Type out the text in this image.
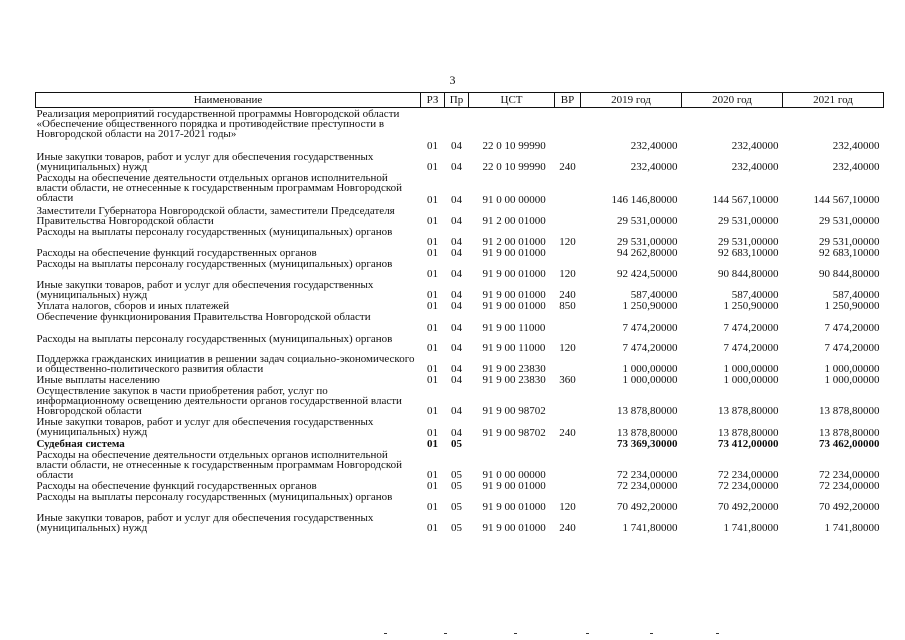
3
Наименование	РЗ	Пр	ЦСТ	ВР	2019 год	2020 год	2021 год
Реализация мероприятий государственной программы Новгородской области «Обеспечение общественного порядка и противодействие преступности в Новгородской области на 2017-2021 годы»	01	04	22 0 10 99990		232,40000	232,40000	232,40000
Иные закупки товаров, работ и услуг для обеспечения государственных (муниципальных) нужд	01	04	22 0 10 99990	240	232,40000	232,40000	232,40000
Расходы на обеспечение деятельности отдельных органов исполнительной власти области, не отнесенные к государственным программам Новгородской области	01	04	91 0 00 00000		146 146,80000	144 567,10000	144 567,10000
Заместители Губернатора Новгородской области, заместители Председателя Правительства Новгородской области	01	04	91 2 00 01000		29 531,00000	29 531,00000	29 531,00000
Расходы на выплаты персоналу государственных (муниципальных) органов	01	04	91 2 00 01000	120	29 531,00000	29 531,00000	29 531,00000
Расходы на обеспечение функций государственных органов	01	04	91 9 00 01000		94 262,80000	92 683,10000	92 683,10000
Расходы на выплаты персоналу государственных (муниципальных) органов	01	04	91 9 00 01000	120	92 424,50000	90 844,80000	90 844,80000
Иные закупки товаров, работ и услуг для обеспечения государственных (муниципальных) нужд	01	04	91 9 00 01000	240	587,40000	587,40000	587,40000
Уплата налогов, сборов и иных платежей	01	04	91 9 00 01000	850	1 250,90000	1 250,90000	1 250,90000
Обеспечение функционирования Правительства Новгородской области	01	04	91 9 00 11000		7 474,20000	7 474,20000	7 474,20000
Расходы на выплаты персоналу государственных (муниципальных) органов	01	04	91 9 00 11000	120	7 474,20000	7 474,20000	7 474,20000
Поддержка гражданских инициатив в решении задач социально-экономического и общественно-политического развития области	01	04	91 9 00 23830		1 000,00000	1 000,00000	1 000,00000
Иные выплаты населению	01	04	91 9 00 23830	360	1 000,00000	1 000,00000	1 000,00000
Осуществление закупок в части приобретения работ, услуг по информационному освещению деятельности органов государственной власти Новгородской области	01	04	91 9 00 98702		13 878,80000	13 878,80000	13 878,80000
Иные закупки товаров, работ и услуг для обеспечения государственных (муниципальных) нужд	01	04	91 9 00 98702	240	13 878,80000	13 878,80000	13 878,80000
Судебная система	01	05			73 369,30000	73 412,00000	73 462,00000
Расходы на обеспечение деятельности отдельных органов исполнительной власти области, не отнесенные к государственным программам Новгородской области	01	05	91 0 00 00000		72 234,00000	72 234,00000	72 234,00000
Расходы на обеспечение функций государственных органов	01	05	91 9 00 01000		72 234,00000	72 234,00000	72 234,00000
Расходы на выплаты персоналу государственных (муниципальных) органов	01	05	91 9 00 01000	120	70 492,20000	70 492,20000	70 492,20000
Иные закупки товаров, работ и услуг для обеспечения государственных (муниципальных) нужд	01	05	91 9 00 01000	240	1 741,80000	1 741,80000	1 741,80000
